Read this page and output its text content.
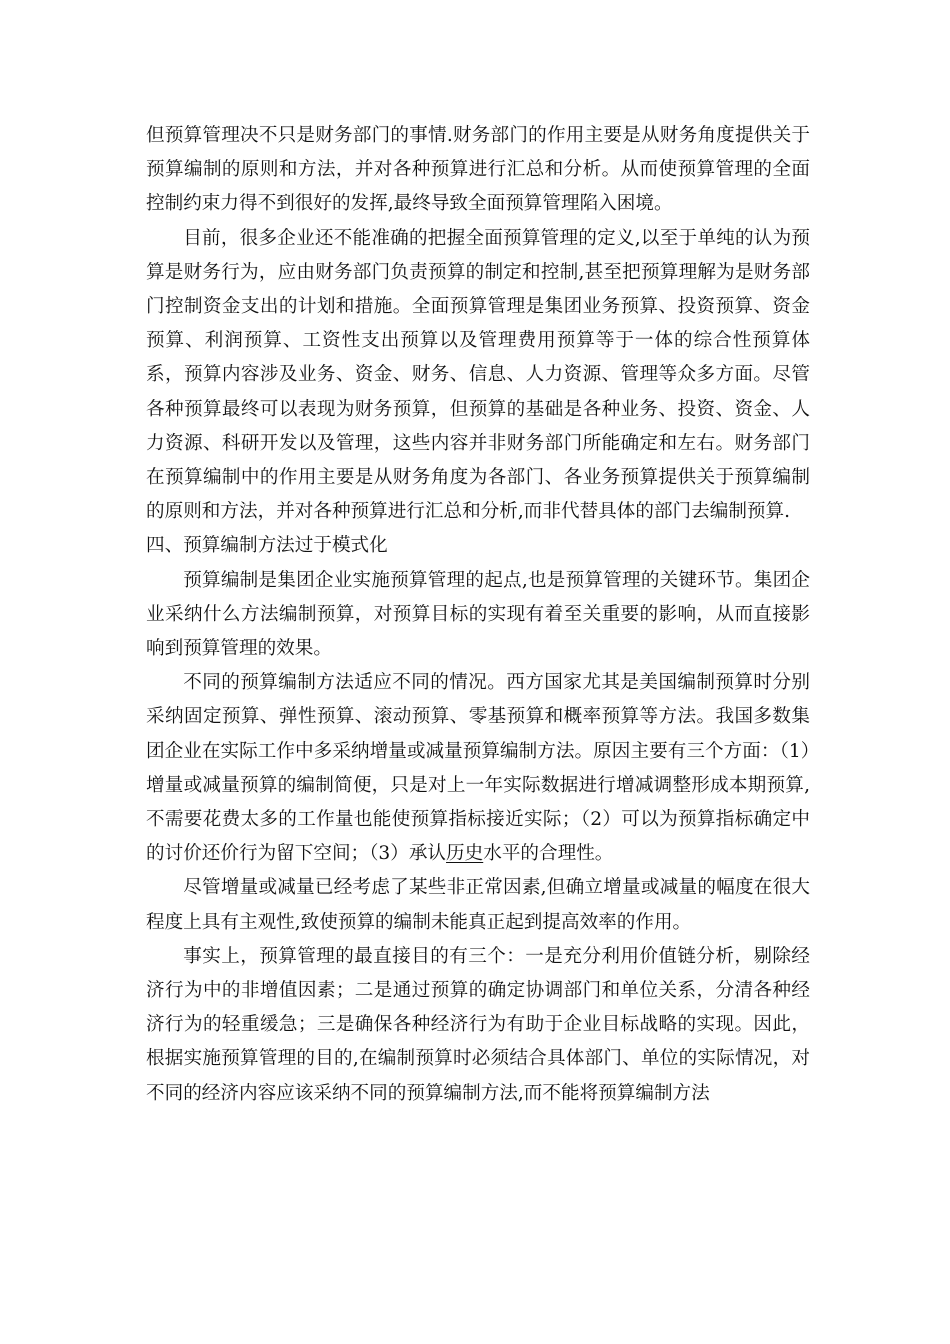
但预算管理决不只是财务部门的事情.财务部门的作用主要是从财务角度提供关于预算编制的原则和方法，并对各种预算进行汇总和分析。从而使预算管理的全面控制约束力得不到很好的发挥,最终导致全面预算管理陷入困境。

目前，很多企业还不能准确的把握全面预算管理的定义,以至于单纯的认为预算是财务行为，应由财务部门负责预算的制定和控制,甚至把预算理解为是财务部门控制资金支出的计划和措施。全面预算管理是集团业务预算、投资预算、资金预算、利润预算、工资性支出预算以及管理费用预算等于一体的综合性预算体系，预算内容涉及业务、资金、财务、信息、人力资源、管理等众多方面。尽管各种预算最终可以表现为财务预算，但预算的基础是各种业务、投资、资金、人力资源、科研开发以及管理，这些内容并非财务部门所能确定和左右。财务部门在预算编制中的作用主要是从财务角度为各部门、各业务预算提供关于预算编制的原则和方法，并对各种预算进行汇总和分析,而非代替具体的部门去编制预算.

四、预算编制方法过于模式化

预算编制是集团企业实施预算管理的起点,也是预算管理的关键环节。集团企业采纳什么方法编制预算，对预算目标的实现有着至关重要的影响，从而直接影响到预算管理的效果。

不同的预算编制方法适应不同的情况。西方国家尤其是美国编制预算时分别采纳固定预算、弹性预算、滚动预算、零基预算和概率预算等方法。我国多数集团企业在实际工作中多采纳增量或减量预算编制方法。原因主要有三个方面：（1）增量或减量预算的编制简便，只是对上一年实际数据进行增减调整形成本期预算,不需要花费太多的工作量也能使预算指标接近实际；（2）可以为预算指标确定中的讨价还价行为留下空间；（3）承认历史水平的合理性。

尽管增量或减量已经考虑了某些非正常因素,但确立增量或减量的幅度在很大程度上具有主观性,致使预算的编制未能真正起到提高效率的作用。

事实上，预算管理的最直接目的有三个：一是充分利用价值链分析，剔除经济行为中的非增值因素；二是通过预算的确定协调部门和单位关系，分清各种经济行为的轻重缓急；三是确保各种经济行为有助于企业目标战略的实现。因此，根据实施预算管理的目的,在编制预算时必须结合具体部门、单位的实际情况，对不同的经济内容应该采纳不同的预算编制方法,而不能将预算编制方法
